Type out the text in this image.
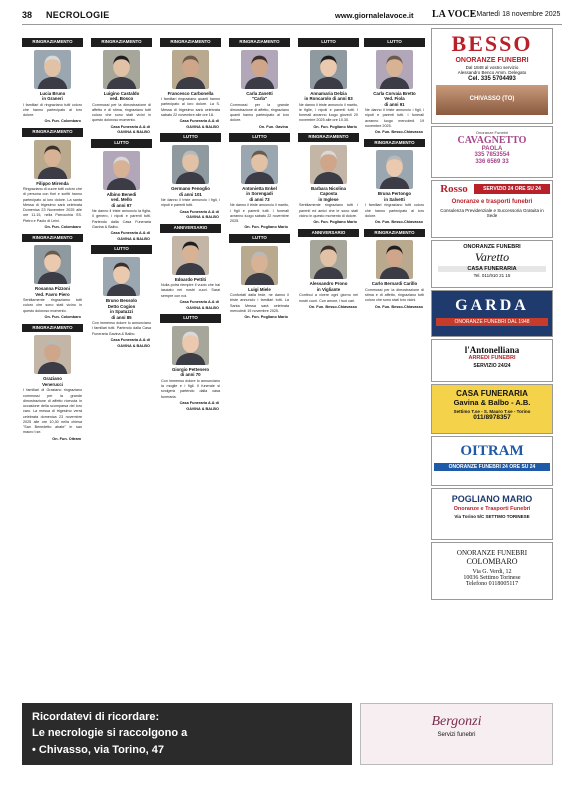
38 NECROLOGIE	www.giornalelavoce.it LA VOCE
• Martedì 18 novembre 2025
RINGRAZIAMENTO
Lucia Bruno
in Graneri
I familiari di ringraziano tutti coloro che hanno partecipato al loro dolore.
On. Fun. Colombaro
RINGRAZIAMENTO
Filippo Mirenda
Ringraziano di cuore tutti coloro che di persona con fiori e scritti hanno partecipato al loro dolore. La santa Messa di trigesimo sarà celebrata Domenica 23 Novembre 2025 alle ore 11.15, nella Parrocchia SS. Pietro e Paolo di Leinì.
On. Fun. Colombaro
RINGRAZIAMENTO
Rosanna Pizzoni
Ved. Favro Piero
Sentitamente ringraziamo tutti coloro che sono stati vicino in questo doloroso momento.
On. Fun. Colombaro
RINGRAZIAMENTO
Graziano
Venerucci
I familiari di Graziano ringraziano commossi per la grande dimostrazione di affetto ricevuta in occasione della scomparsa del loro caro. La messa di trigesimo verrà celebrata domenica 23 novembre 2025 alle ore 10,30 nella chiesa "San Benedetto abate" in san mauro t.se.
On. Fun. Oitram
RINGRAZIAMENTO
Luigino Castaldo
ved. Bosco
Commossi per la dimostrazione di affetto e di stima, ringraziano tutti coloro che sono stati vicini in questo doloroso momento.
Casa Funeraria A.& di
GAVINA & BALBO
LUTTO
Albino Benedi
ved. Mello
di anni 97
Ne danno il triste annuncio la figlia, il genero, i nipoti e parenti tutti. Partendo dalla Casa Funeraria Gavina & Balbo.
Casa Funeraria A.& di
GAVINA & BALBO
LUTTO
Bruno Bessolo
Detto Cogion
in Spatuzzi
di anni 85
Con immenso dolore lo annunciano i familiari tutti. Partendo dalla Casa Funeraria Gavina & Balbo.
Casa Funeraria A.& di
GAVINA & BALBO
RINGRAZIAMENTO
Francesco Carbonella
I familiari ringraziano quanti hanno partecipato al loro dolore. La S. Messa di trigesimo sarà celebrata sabato 22 novembre alle ore 18.
Casa Funeraria A.& di
GAVINA & BALBO
LUTTO
Germano Fenoglio
di anni 101
Ne danno il triste annuncio i figli, i nipoti e parenti tutti.
Casa Funeraria A.& di
GAVINA & BALBO
ANNIVERSARIO
Edoardo Pettiti
Nulla potrà riempire il vuoto che hai lasciato nei nostri cuori. Sarai sempre con noi.
Casa Funeraria A.& di
GAVINA & BALBO
LUTTO
Giorgio Pettenero
di anni 70
Con immenso dolore lo annunciano la moglie e i figli. Il funerale si svolgerà partendo dalla casa funeraria.
Casa Funeraria A.& di
GAVINA & BALBO
RINGRAZIAMENTO
Carla Zanetti
"Carla"
Commossi per la grande dimostrazione di affetto, ringraziano quanti hanno partecipato al loro dolore.
On. Fun. Gavina
LUTTO
Antonietta Enkel
in Sorengadi
di anni 73
Ne danno il triste annuncio il marito, i figli e parenti tutti. I funerali avranno luogo sabato 22 novembre 2025.
On. Fun. Pogliano Mario
LUTTO
Luigi Miele
Confortati dalla fede, ne danno il triste annuncio i familiari tutti. La Santa Messa sarà celebrata mercoledì 19 novembre 2025.
On. Fun. Pogliano Mario
LUTTO
Annamaria Delzia
in Roncarolo di anni 83
Ne danno il triste annuncio il marito, le figlie, i nipoti e parenti tutti. I funerali avranno luogo giovedì 20 novembre 2025 alle ore 10.30.
On. Fun. Pogliano Mario
RINGRAZIAMENTO
Barbara Nicolina
Caposta
in Inglese
Sentitamente ringraziano tutti i parenti ed amici che le sono stati vicino in questo momento di dolore.
On. Fun. Pogliano Mario
ANNIVERSARIO
Alessandro Prono
in Vigliante
Continui a vivere ogni giorno nei nostri cuori. Con amore, i tuoi cari.
On. Fun. Besso-Chiavasso
LUTTO
Carla Corvaia Bretto
Ved. Fiola
di anni 91
Ne danno il triste annuncio i figli, i nipoti e parenti tutti. I funerali avranno luogo mercoledì 19 novembre 2025.
On. Fun. Besso-Chiavasso
RINGRAZIAMENTO
Bruna Pertongo
in Salvetti
I familiari ringraziano tutti coloro che hanno partecipato al loro dolore.
On. Fun. Besso-Chiavasso
RINGRAZIAMENTO
Carlo Bernardi Carillo
Commossi per la dimostrazione di stima e di affetto, ringraziano tutti coloro che sono stati loro vicini.
On. Fun. Besso-Chiavasso
BESSO
ONORANZE FUNEBRI
Dal 1848 al vostro servizio
Alessandro Benco Amm. Delegato
Cel. 335 5704493
CHIVASSO (TO)
Onoranze Funebri
CAVAGNETTO
PAOLA
335 7853554
336 6569 33
Rosso	SERVIZIO 24 ORE SU 24
Onoranze e trasporti funebri
Consulenza Previdenziale e Successoria Gratuita in Sede
ONORANZE FUNEBRI
Varetto
CASA FUNERARIA
Tel. 011/910 21 15
GARDA
ONORANZE FUNEBRI DAL 1948
l'Antonelliana
ARREDI FUNEBRI
SERVIZIO 24/24
CASA FUNERARIA
Gavina & Balbo - A.B.
Settimo T.se - S. Mauro T.se - Torino
011/8978357
OITRAM
ONORANZE FUNEBRI 24 ORE SU 24
POGLIANO MARIO
Onoranze e Trasporti Funebri
Via Torino 5/C SETTIMO TORINESE
ONORANZE FUNEBRI
COLOMBARO
Via G. Verdi, 12
10036 Settimo Torinese
Telefono 0118005117
Ricordatevi di ricordare:
Le necrologie si raccolgono a
• Chivasso, via Torino, 47
Bergonzi
Servizi funebri
